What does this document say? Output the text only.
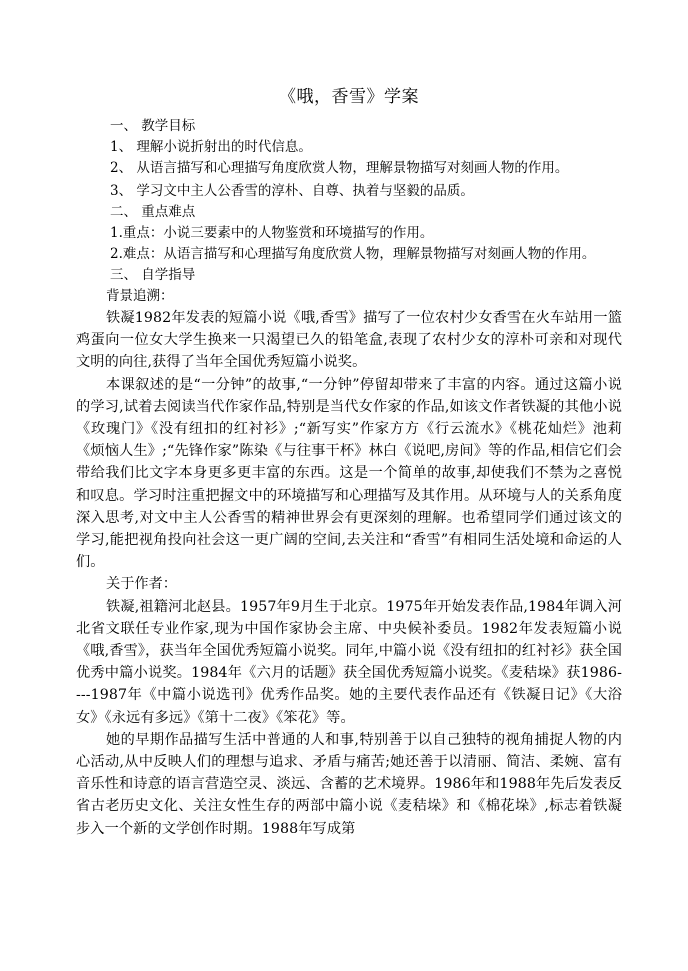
《哦，香雪》学案

一、 教学目标

1、 理解小说折射出的时代信息。

2、 从语言描写和心理描写角度欣赏人物，理解景物描写对刻画人物的作用。

3、 学习文中主人公香雪的淳朴、自尊、执着与坚毅的品质。

二、 重点难点

1.重点：小说三要素中的人物鉴赏和环境描写的作用。

2.难点：从语言描写和心理描写角度欣赏人物，理解景物描写对刻画人物的作用。

三、 自学指导

背景追溯：

铁凝1982年发表的短篇小说《哦,香雪》描写了一位农村少女香雪在火车站用一篮鸡蛋向一位女大学生换来一只渴望已久的铅笔盒,表现了农村少女的淳朴可亲和对现代文明的向往,获得了当年全国优秀短篇小说奖。

本课叙述的是“一分钟”的故事,“一分钟”停留却带来了丰富的内容。通过这篇小说的学习,试着去阅读当代作家作品,特别是当代女作家的作品,如该文作者铁凝的其他小说《玫瑰门》《没有纽扣的红衬衫》;“新写实”作家方方《行云流水》《桃花灿烂》池莉《烦恼人生》;“先锋作家”陈染《与往事干杯》林白《说吧,房间》等的作品,相信它们会带给我们比文字本身更多更丰富的东西。这是一个简单的故事,却使我们不禁为之喜悦和叹息。学习时注重把握文中的环境描写和心理描写及其作用。从环境与人的关系角度深入思考,对文中主人公香雪的精神世界会有更深刻的理解。也希望同学们通过该文的学习,能把视角投向社会这一更广阔的空间,去关注和“香雪”有相同生活处境和命运的人们。

关于作者：

铁凝,祖籍河北赵县。1957年9月生于北京。1975年开始发表作品,1984年调入河北省文联任专业作家,现为中国作家协会主席、中央候补委员。1982年发表短篇小说《哦,香雪》，获当年全国优秀短篇小说奖。同年,中篇小说《没有纽扣的红衬衫》获全国优秀中篇小说奖。1984年《六月的话题》获全国优秀短篇小说奖。《麦秸垛》获1986----1987年《中篇小说选刊》优秀作品奖。她的主要代表作品还有《铁凝日记》《大浴女》《永远有多远》《第十二夜》《笨花》等。

她的早期作品描写生活中普通的人和事,特别善于以自己独特的视角捕捉人物的内心活动,从中反映人们的理想与追求、矛盾与痛苦;她还善于以清丽、简洁、柔婉、富有音乐性和诗意的语言营造空灵、淡远、含蓄的艺术境界。1986年和1988年先后发表反省古老历史文化、关注女性生存的两部中篇小说《麦秸垛》和《棉花垛》,标志着铁凝步入一个新的文学创作时期。1988年写成第
